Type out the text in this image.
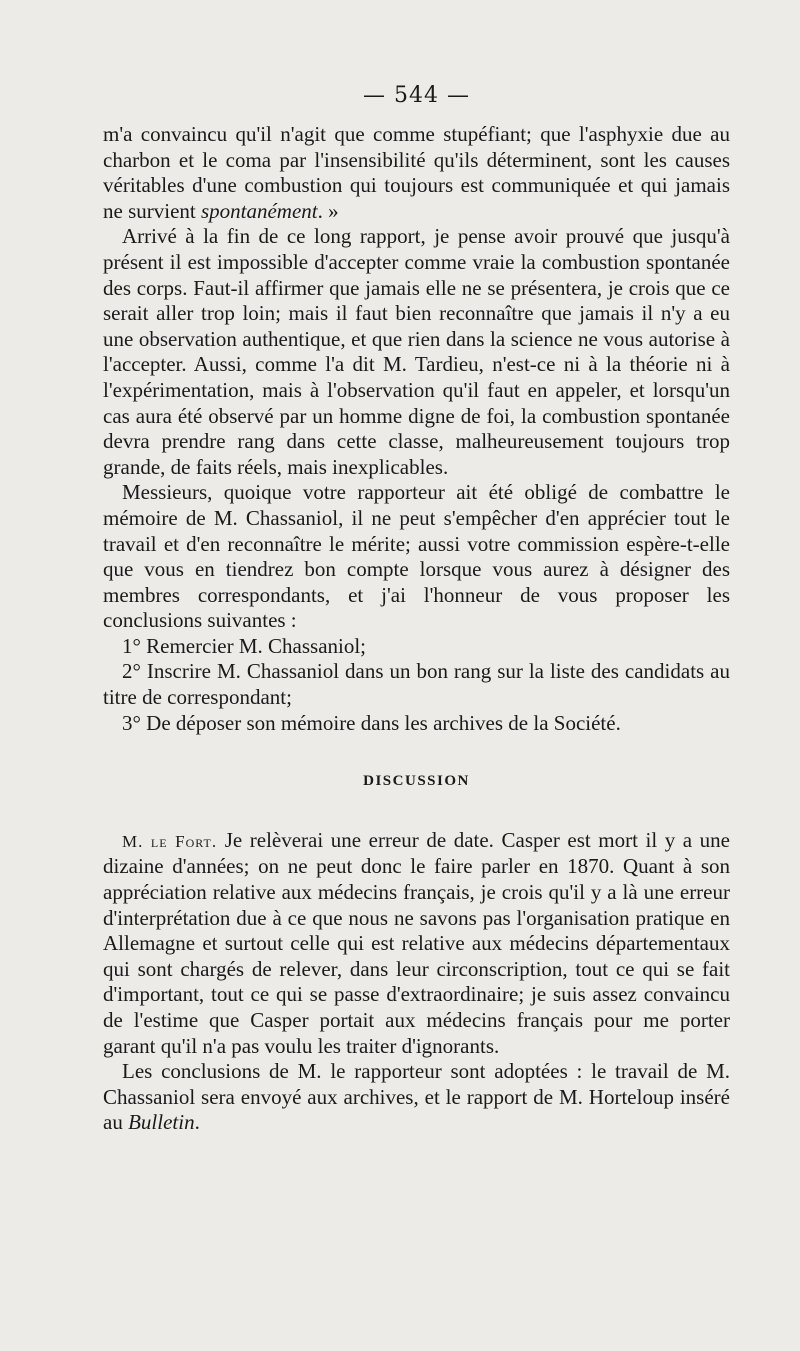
— 544 —

m'a convaincu qu'il n'agit que comme stupéfiant; que l'asphyxie due au charbon et le coma par l'insensibilité qu'ils déterminent, sont les causes véritables d'une combustion qui toujours est communiquée et qui jamais ne survient spontanément. »

Arrivé à la fin de ce long rapport, je pense avoir prouvé que jusqu'à présent il est impossible d'accepter comme vraie la combustion spontanée des corps. Faut-il affirmer que jamais elle ne se présentera, je crois que ce serait aller trop loin; mais il faut bien reconnaître que jamais il n'y a eu une observation authentique, et que rien dans la science ne vous autorise à l'accepter. Aussi, comme l'a dit M. Tardieu, n'est-ce ni à la théorie ni à l'expérimentation, mais à l'observation qu'il faut en appeler, et lorsqu'un cas aura été observé par un homme digne de foi, la combustion spontanée devra prendre rang dans cette classe, malheureusement toujours trop grande, de faits réels, mais inexplicables.

Messieurs, quoique votre rapporteur ait été obligé de combattre le mémoire de M. Chassaniol, il ne peut s'empêcher d'en apprécier tout le travail et d'en reconnaître le mérite; aussi votre commission espère-t-elle que vous en tiendrez bon compte lorsque vous aurez à désigner des membres correspondants, et j'ai l'honneur de vous proposer les conclusions suivantes :

1° Remercier M. Chassaniol;

2° Inscrire M. Chassaniol dans un bon rang sur la liste des candidats au titre de correspondant;

3° De déposer son mémoire dans les archives de la Société.

DISCUSSION

M. le Fort. Je relèverai une erreur de date. Casper est mort il y a une dizaine d'années; on ne peut donc le faire parler en 1870. Quant à son appréciation relative aux médecins français, je crois qu'il y a là une erreur d'interprétation due à ce que nous ne savons pas l'organisation pratique en Allemagne et surtout celle qui est relative aux médecins départementaux qui sont chargés de relever, dans leur circonscription, tout ce qui se fait d'important, tout ce qui se passe d'extraordinaire; je suis assez convaincu de l'estime que Casper portait aux médecins français pour me porter garant qu'il n'a pas voulu les traiter d'ignorants.

Les conclusions de M. le rapporteur sont adoptées : le travail de M. Chassaniol sera envoyé aux archives, et le rapport de M. Horteloup inséré au Bulletin.
